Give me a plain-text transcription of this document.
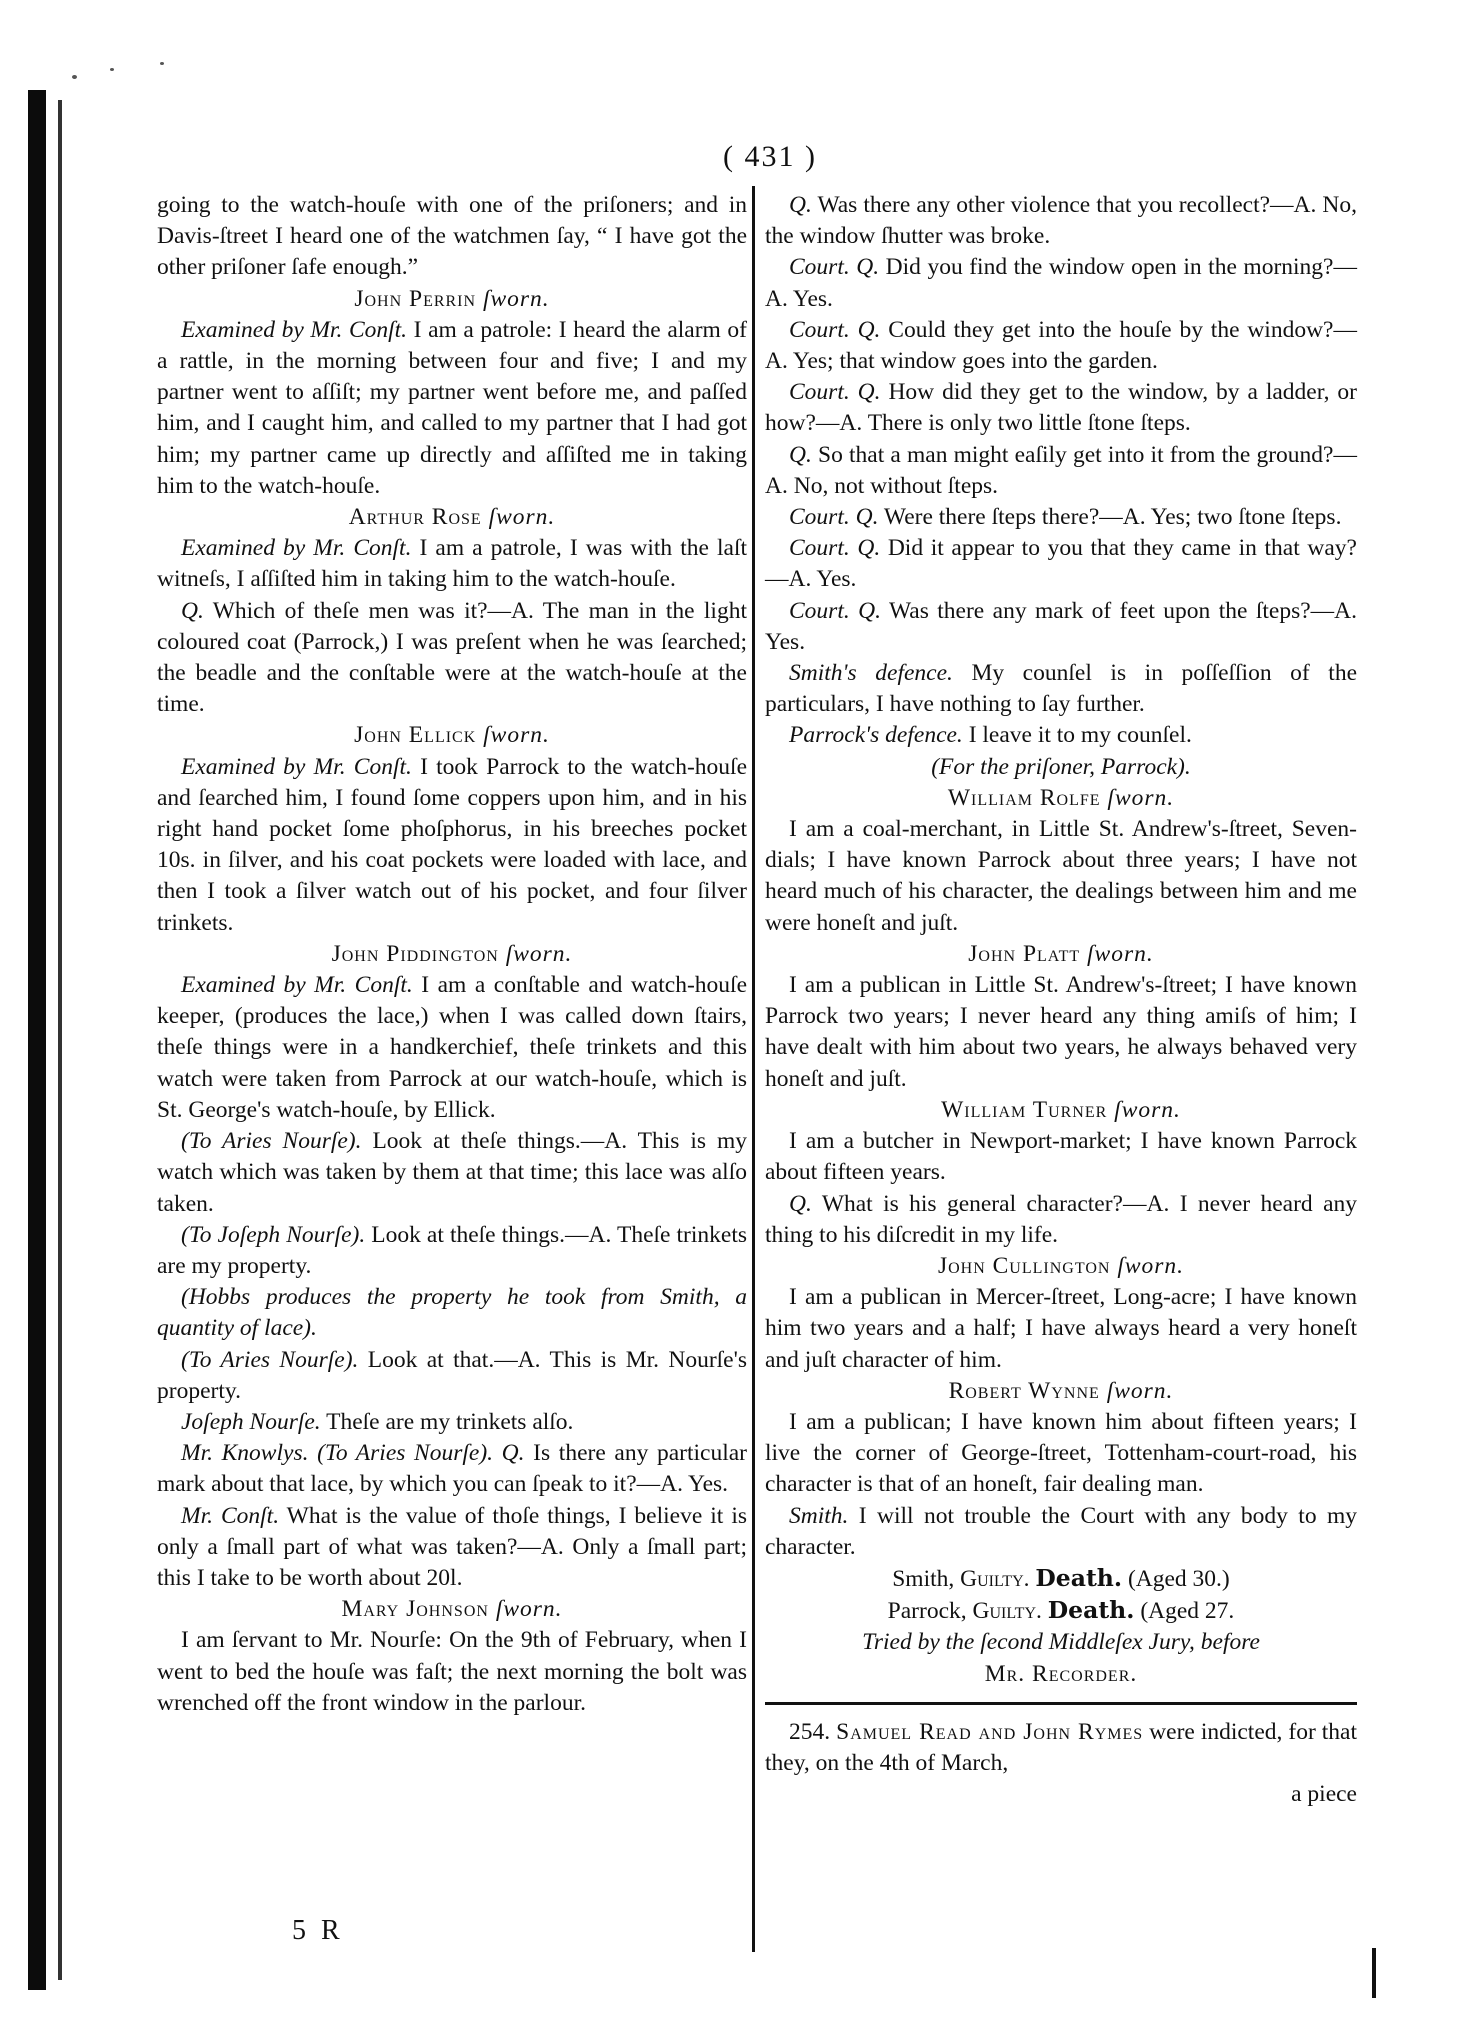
( 431 )

going to the watch-houſe with one of the priſoners; and in Davis-ſtreet I heard one of the watchmen ſay, “ I have got the other priſoner ſafe enough.”

John Perrin ſworn.

Examined by Mr. Conſt. I am a patrole: I heard the alarm of a rattle, in the morning between four and five; I and my partner went to aſſiſt; my partner went before me, and paſſed him, and I caught him, and called to my partner that I had got him; my partner came up directly and aſſiſted me in taking him to the watch-houſe.

Arthur Rose ſworn.

Examined by Mr. Conſt. I am a patrole, I was with the laſt witneſs, I aſſiſted him in taking him to the watch-houſe.

Q. Which of theſe men was it?—A. The man in the light coloured coat (Parrock,) I was preſent when he was ſearched; the beadle and the conſtable were at the watch-houſe at the time.

John Ellick ſworn.

Examined by Mr. Conſt. I took Parrock to the watch-houſe and ſearched him, I found ſome coppers upon him, and in his right hand pocket ſome phoſphorus, in his breeches pocket 10s. in ſilver, and his coat pockets were loaded with lace, and then I took a ſilver watch out of his pocket, and four ſilver trinkets.

John Piddington ſworn.

Examined by Mr. Conſt. I am a conſtable and watch-houſe keeper, (produces the lace,) when I was called down ſtairs, theſe things were in a handkerchief, theſe trinkets and this watch were taken from Parrock at our watch-houſe, which is St. George's watch-houſe, by Ellick.

(To Aries Nourſe). Look at theſe things.—A. This is my watch which was taken by them at that time; this lace was alſo taken.

(To Joſeph Nourſe). Look at theſe things.—A. Theſe trinkets are my property.

(Hobbs produces the property he took from Smith, a quantity of lace).

(To Aries Nourſe). Look at that.—A. This is Mr. Nourſe's property.

Joſeph Nourſe. Theſe are my trinkets alſo.

Mr. Knowlys. (To Aries Nourſe). Q. Is there any particular mark about that lace, by which you can ſpeak to it?—A. Yes.

Mr. Conſt. What is the value of thoſe things, I believe it is only a ſmall part of what was taken?—A. Only a ſmall part; this I take to be worth about 20l.

Mary Johnson ſworn.

I am ſervant to Mr. Nourſe: On the 9th of February, when I went to bed the houſe was faſt; the next morning the bolt was wrenched off the front window in the parlour.

Q. Was there any other violence that you recollect?—A. No, the window ſhutter was broke.

Court. Q. Did you find the window open in the morning?—A. Yes.

Court. Q. Could they get into the houſe by the window?—A. Yes; that window goes into the garden.

Court. Q. How did they get to the window, by a ladder, or how?—A. There is only two little ſtone ſteps.

Q. So that a man might eaſily get into it from the ground?—A. No, not without ſteps.

Court. Q. Were there ſteps there?—A. Yes; two ſtone ſteps.

Court. Q. Did it appear to you that they came in that way?—A. Yes.

Court. Q. Was there any mark of feet upon the ſteps?—A. Yes.

Smith's defence. My counſel is in poſſeſſion of the particulars, I have nothing to ſay further.

Parrock's defence. I leave it to my counſel.

(For the priſoner, Parrock).

William Rolfe ſworn.

I am a coal-merchant, in Little St. Andrew's-ſtreet, Seven-dials; I have known Parrock about three years; I have not heard much of his character, the dealings between him and me were honeſt and juſt.

John Platt ſworn.

I am a publican in Little St. Andrew's-ſtreet; I have known Parrock two years; I never heard any thing amiſs of him; I have dealt with him about two years, he always behaved very honeſt and juſt.

William Turner ſworn.

I am a butcher in Newport-market; I have known Parrock about fifteen years.

Q. What is his general character?—A. I never heard any thing to his diſcredit in my life.

John Cullington ſworn.

I am a publican in Mercer-ſtreet, Long-acre; I have known him two years and a half; I have always heard a very honeſt and juſt character of him.

Robert Wynne ſworn.

I am a publican; I have known him about fifteen years; I live the corner of George-ſtreet, Tottenham-court-road, his character is that of an honeſt, fair dealing man.

Smith. I will not trouble the Court with any body to my character.

Smith, Guilty. Death. (Aged 30.)

Parrock, Guilty. Death. (Aged 27.

Tried by the ſecond Middleſex Jury, before

Mr. Recorder.

254. Samuel Read and John Rymes were indicted, for that they, on the 4th of March,

a piece

5 R
